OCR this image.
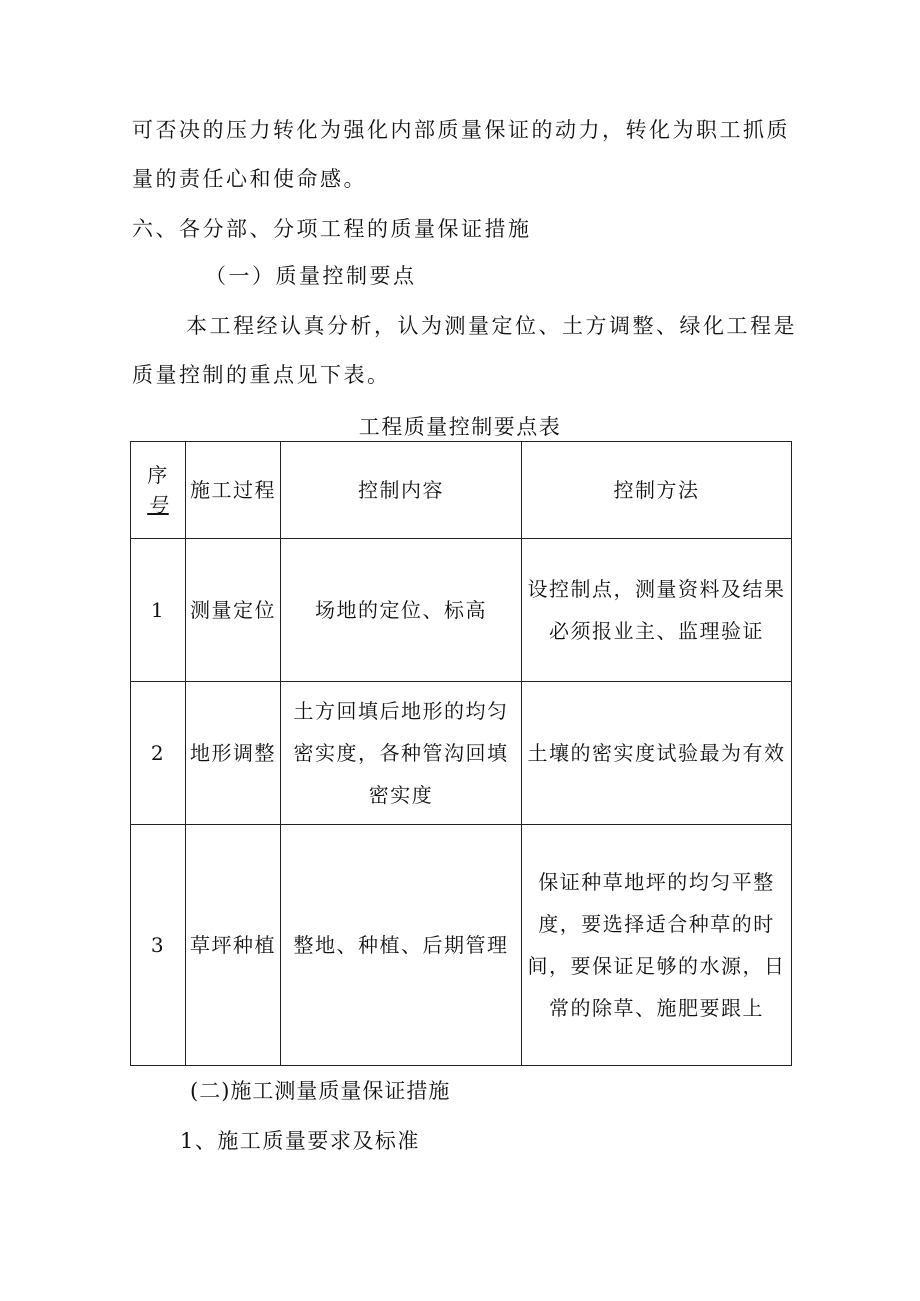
可否决的压力转化为强化内部质量保证的动力，转化为职工抓质
量的责任心和使命感。
六、各分部、分项工程的质量保证措施
（一）质量控制要点
本工程经认真分析，认为测量定位、土方调整、绿化工程是
质量控制的重点见下表。
工程质量控制要点表
序
号	施工过程	控制内容	控制方法
1	测量定位	场地的定位、标高	设控制点，测量资料及结果必须报业主、监理验证
2	地形调整	土方回填后地形的均匀密实度，各种管沟回填密实度	土壤的密实度试验最为有效
3	草坪种植	整地、种植、后期管理	保证种草地坪的均匀平整度，要选择适合种草的时间，要保证足够的水源，日常的除草、施肥要跟上
(二)施工测量质量保证措施
1、施工质量要求及标准
